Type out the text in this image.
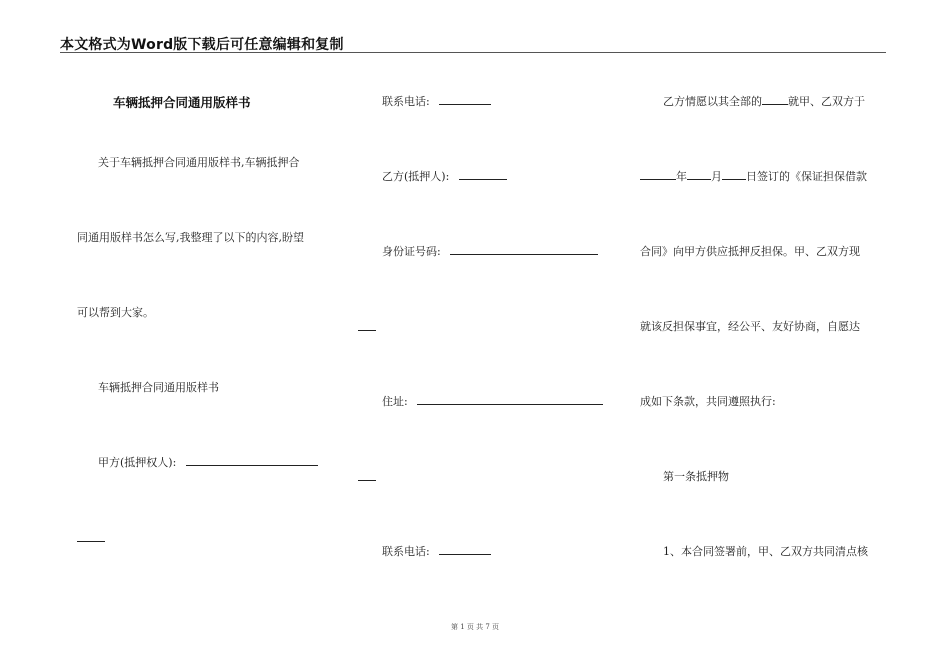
本文格式为Word版下载后可任意编辑和复制
车辆抵押合同通用版样书
关于车辆抵押合同通用版样书,车辆抵押合
同通用版样书怎么写,我整理了以下的内容,盼望
可以帮到大家。
车辆抵押合同通用版样书
甲方(抵押权人):
联系电话:
乙方(抵押人):
身份证号码:
住址:
联系电话:
乙方情愿以其全部的 就甲、乙双方于
年 月 日签订的《保证担保借款
合同》向甲方供应抵押反担保。甲、乙双方现
就该反担保事宜，经公平、友好协商，自愿达
成如下条款，共同遵照执行:
第一条抵押物
1、本合同签署前，甲、乙双方共同清点核
第 1 页 共 7 页
